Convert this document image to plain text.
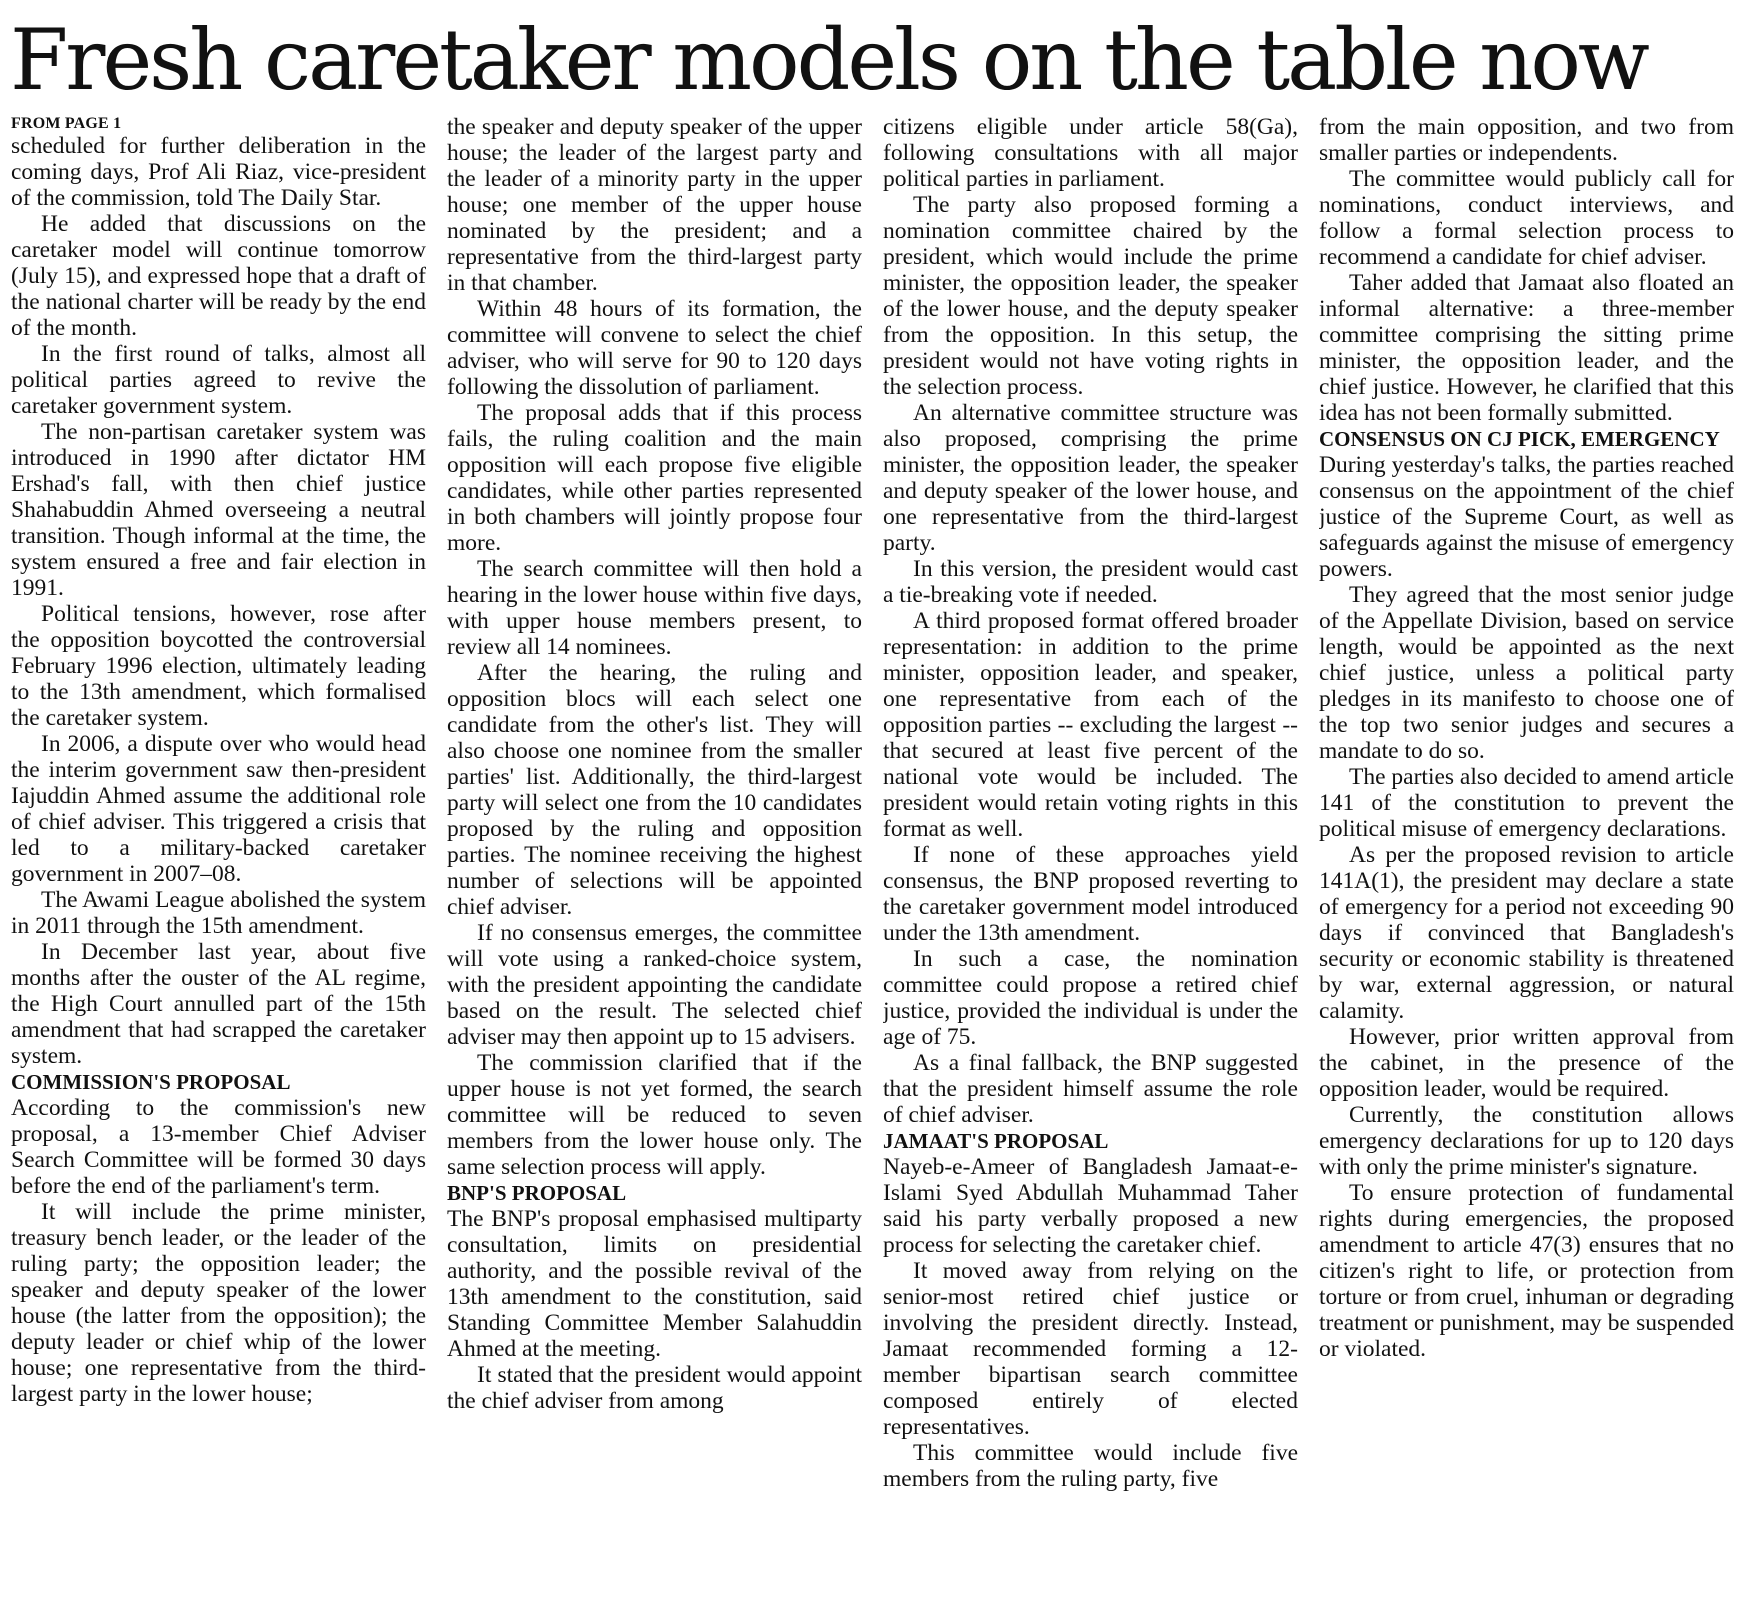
Fresh caretaker models on the table now
FROM PAGE 1

scheduled for further deliberation in the coming days, Prof Ali Riaz, vice-president of the commission, told The Daily Star.

He added that discussions on the caretaker model will continue tomorrow (July 15), and expressed hope that a draft of the national charter will be ready by the end of the month.

In the first round of talks, almost all political parties agreed to revive the caretaker government system.

The non-partisan caretaker system was introduced in 1990 after dictator HM Ershad's fall, with then chief justice Shahabuddin Ahmed overseeing a neutral transition. Though informal at the time, the system ensured a free and fair election in 1991.

Political tensions, however, rose after the opposition boycotted the controversial February 1996 election, ultimately leading to the 13th amendment, which formalised the caretaker system.

In 2006, a dispute over who would head the interim government saw then-president Iajuddin Ahmed assume the additional role of chief adviser. This triggered a crisis that led to a military-backed caretaker government in 2007–08.

The Awami League abolished the system in 2011 through the 15th amendment.

In December last year, about five months after the ouster of the AL regime, the High Court annulled part of the 15th amendment that had scrapped the caretaker system.

COMMISSION'S PROPOSAL

According to the commission's new proposal, a 13-member Chief Adviser Search Committee will be formed 30 days before the end of the parliament's term.

It will include the prime minister, treasury bench leader, or the leader of the ruling party; the opposition leader; the speaker and deputy speaker of the lower house (the latter from the opposition); the deputy leader or chief whip of the lower house; one representative from the third-largest party in the lower house;

the speaker and deputy speaker of the upper house; the leader of the largest party and the leader of a minority party in the upper house; one member of the upper house nominated by the president; and a representative from the third-largest party in that chamber.

Within 48 hours of its formation, the committee will convene to select the chief adviser, who will serve for 90 to 120 days following the dissolution of parliament.

The proposal adds that if this process fails, the ruling coalition and the main opposition will each propose five eligible candidates, while other parties represented in both chambers will jointly propose four more.

The search committee will then hold a hearing in the lower house within five days, with upper house members present, to review all 14 nominees.

After the hearing, the ruling and opposition blocs will each select one candidate from the other's list. They will also choose one nominee from the smaller parties' list. Additionally, the third-largest party will select one from the 10 candidates proposed by the ruling and opposition parties. The nominee receiving the highest number of selections will be appointed chief adviser.

If no consensus emerges, the committee will vote using a ranked-choice system, with the president appointing the candidate based on the result. The selected chief adviser may then appoint up to 15 advisers.

The commission clarified that if the upper house is not yet formed, the search committee will be reduced to seven members from the lower house only. The same selection process will apply.

BNP'S PROPOSAL

The BNP's proposal emphasised multiparty consultation, limits on presidential authority, and the possible revival of the 13th amendment to the constitution, said Standing Committee Member Salahuddin Ahmed at the meeting.

It stated that the president would appoint the chief adviser from among

citizens eligible under article 58(Ga), following consultations with all major political parties in parliament.

The party also proposed forming a nomination committee chaired by the president, which would include the prime minister, the opposition leader, the speaker of the lower house, and the deputy speaker from the opposition. In this setup, the president would not have voting rights in the selection process.

An alternative committee structure was also proposed, comprising the prime minister, the opposition leader, the speaker and deputy speaker of the lower house, and one representative from the third-largest party.

In this version, the president would cast a tie-breaking vote if needed.

A third proposed format offered broader representation: in addition to the prime minister, opposition leader, and speaker, one representative from each of the opposition parties -- excluding the largest -- that secured at least five percent of the national vote would be included. The president would retain voting rights in this format as well.

If none of these approaches yield consensus, the BNP proposed reverting to the caretaker government model introduced under the 13th amendment.

In such a case, the nomination committee could propose a retired chief justice, provided the individual is under the age of 75.

As a final fallback, the BNP suggested that the president himself assume the role of chief adviser.

JAMAAT'S PROPOSAL

Nayeb-e-Ameer of Bangladesh Jamaat-e-Islami Syed Abdullah Muhammad Taher said his party verbally proposed a new process for selecting the caretaker chief.

It moved away from relying on the senior-most retired chief justice or involving the president directly. Instead, Jamaat recommended forming a 12-member bipartisan search committee composed entirely of elected representatives.

This committee would include five members from the ruling party, five

from the main opposition, and two from smaller parties or independents.

The committee would publicly call for nominations, conduct interviews, and follow a formal selection process to recommend a candidate for chief adviser.

Taher added that Jamaat also floated an informal alternative: a three-member committee comprising the sitting prime minister, the opposition leader, and the chief justice. However, he clarified that this idea has not been formally submitted.

CONSENSUS ON CJ PICK, EMERGENCY

During yesterday's talks, the parties reached consensus on the appointment of the chief justice of the Supreme Court, as well as safeguards against the misuse of emergency powers.

They agreed that the most senior judge of the Appellate Division, based on service length, would be appointed as the next chief justice, unless a political party pledges in its manifesto to choose one of the top two senior judges and secures a mandate to do so.

The parties also decided to amend article 141 of the constitution to prevent the political misuse of emergency declarations.

As per the proposed revision to article 141A(1), the president may declare a state of emergency for a period not exceeding 90 days if convinced that Bangladesh's security or economic stability is threatened by war, external aggression, or natural calamity.

However, prior written approval from the cabinet, in the presence of the opposition leader, would be required.

Currently, the constitution allows emergency declarations for up to 120 days with only the prime minister's signature.

To ensure protection of fundamental rights during emergencies, the proposed amendment to article 47(3) ensures that no citizen's right to life, or protection from torture or from cruel, inhuman or degrading treatment or punishment, may be suspended or violated.
